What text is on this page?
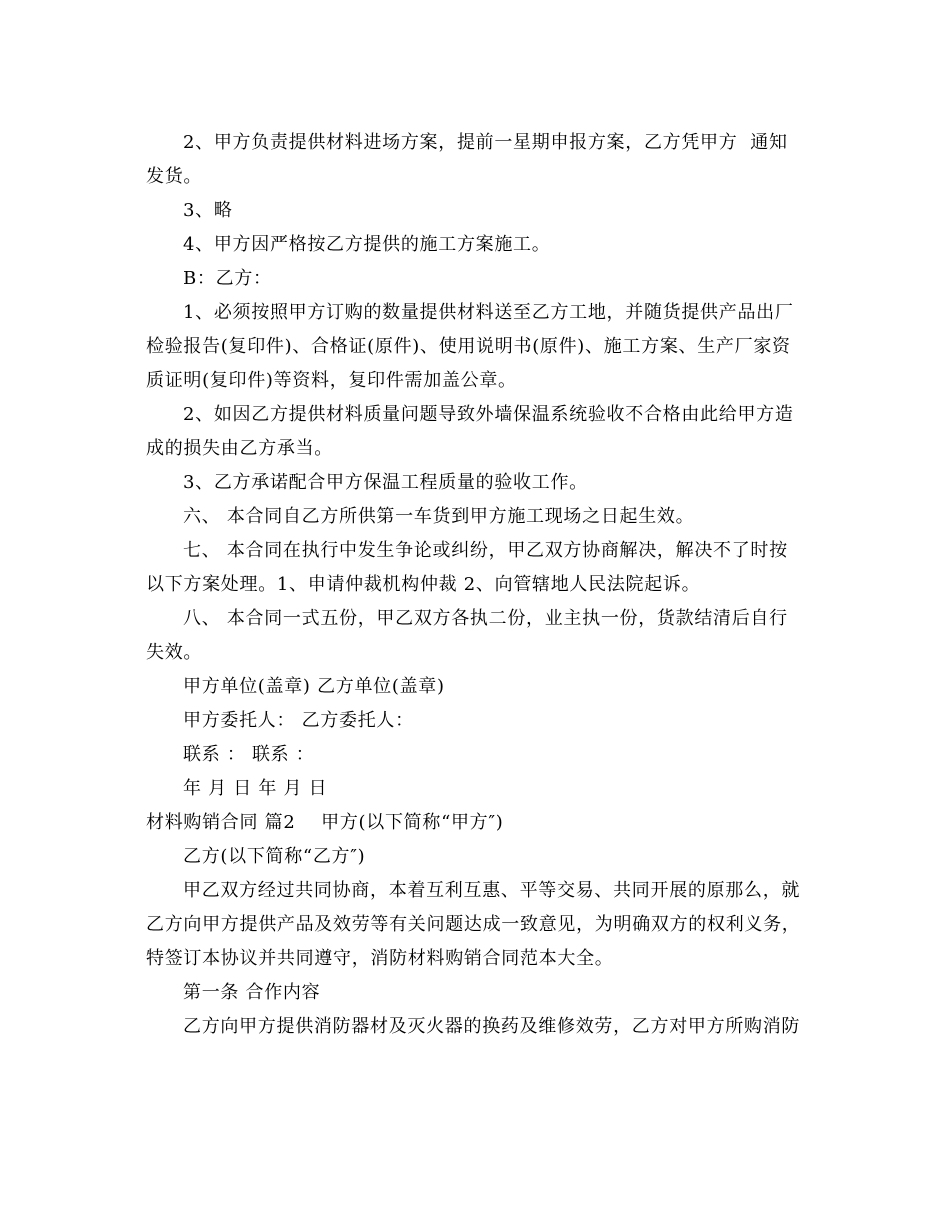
2、甲方负责提供材料进场方案，提前一星期申报方案，乙方凭甲方  通知发货。

3、略

4、甲方因严格按乙方提供的施工方案施工。

B：乙方：

1、必须按照甲方订购的数量提供材料送至乙方工地，并随货提供产品出厂检验报告(复印件)、合格证(原件)、使用说明书(原件)、施工方案、生产厂家资质证明(复印件)等资料，复印件需加盖公章。

2、如因乙方提供材料质量问题导致外墙保温系统验收不合格由此给甲方造成的损失由乙方承当。

3、乙方承诺配合甲方保温工程质量的验收工作。

六、 本合同自乙方所供第一车货到甲方施工现场之日起生效。

七、 本合同在执行中发生争论或纠纷，甲乙双方协商解决，解决不了时按以下方案处理。1、申请仲裁机构仲裁 2、向管辖地人民法院起诉。

八、 本合同一式五份，甲乙双方各执二份，业主执一份，货款结清后自行失效。

甲方单位(盖章) 乙方单位(盖章)

甲方委托人： 乙方委托人：

联系 ： 联系 ：

年 月 日 年 月 日

材料购销合同 篇2    甲方(以下简称“甲方″)

乙方(以下简称“乙方″)

甲乙双方经过共同协商，本着互利互惠、平等交易、共同开展的原那么，就乙方向甲方提供产品及效劳等有关问题达成一致意见，为明确双方的权利义务，特签订本协议并共同遵守，消防材料购销合同范本大全。

第一条 合作内容

乙方向甲方提供消防器材及灭火器的换药及维修效劳，乙方对甲方所购消防
